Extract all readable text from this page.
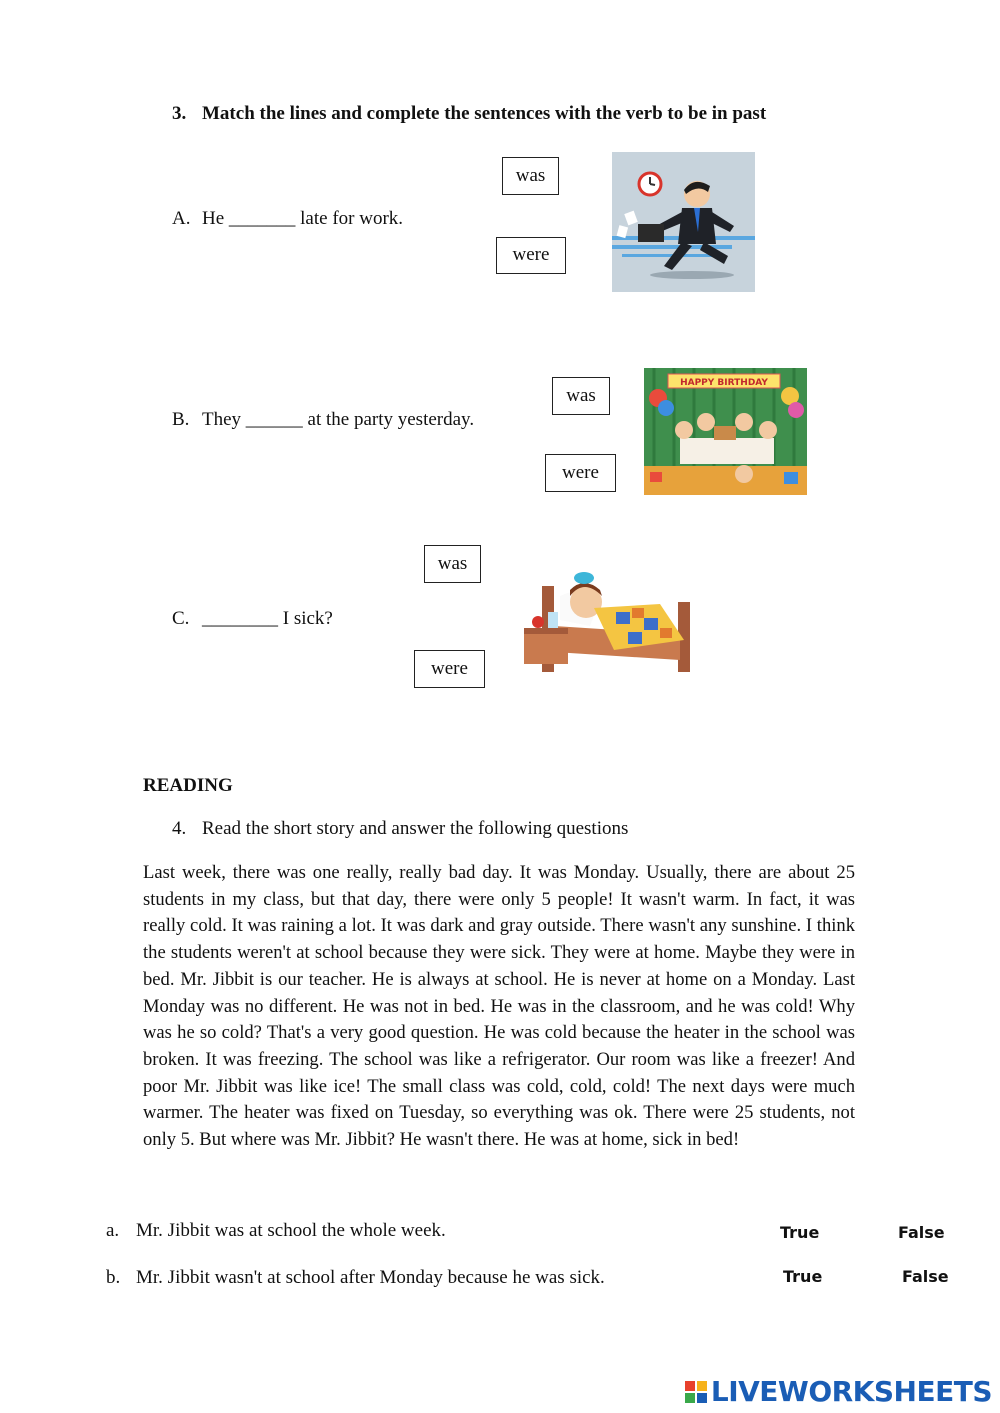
3. Match the lines and complete the sentences with the verb to be in past
A. He _______ late for work.
was
were
B. They ______ at the party yesterday.
was
were
HAPPY BIRTHDAY
was
C. ________ I sick?
were
READING
4. Read the short story and answer the following questions
Last week, there was one really, really bad day. It was Monday. Usually, there are about 25 students in my class, but that day, there were only 5 people! It wasn't warm. In fact, it was really cold. It was raining a lot. It was dark and gray outside. There wasn't any sunshine. I think the students weren't at school because they were sick. They were at home. Maybe they were in bed. Mr. Jibbit is our teacher. He is always at school. He is never at home on a Monday. Last Monday was no different. He was not in bed. He was in the classroom, and he was cold! Why was he so cold? That's a very good question. He was cold because the heater in the school was broken. It was freezing. The school was like a refrigerator. Our room was like a freezer! And poor Mr. Jibbit was like ice! The small class was cold, cold, cold! The next days were much warmer. The heater was fixed on Tuesday, so everything was ok. There were 25 students, not only 5. But where was Mr. Jibbit? He wasn't there. He was at home, sick in bed!
a. Mr. Jibbit was at school the whole week.	True	False
b. Mr. Jibbit wasn't at school after Monday because he was sick.	True	False
LIVEWORKSHEETS
